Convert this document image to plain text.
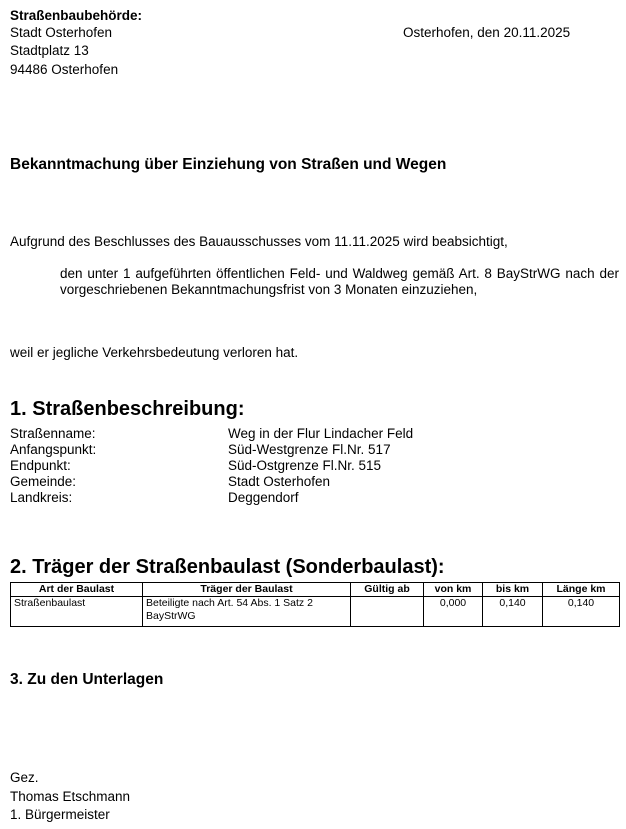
Straßenbaubehörde:
Stadt Osterhofen
Stadtplatz 13
94486 Osterhofen
Osterhofen, den 20.11.2025
Bekanntmachung über Einziehung von Straßen und Wegen
Aufgrund des Beschlusses des Bauausschusses vom 11.11.2025 wird beabsichtigt,
den unter 1 aufgeführten öffentlichen Feld- und Waldweg gemäß Art. 8 BayStrWG nach der vorgeschriebenen Bekanntmachungsfrist von 3 Monaten einzuziehen,
weil er jegliche Verkehrsbedeutung verloren hat.
1. Straßenbeschreibung:
Straßenname:	Weg in der Flur Lindacher Feld
Anfangspunkt:	Süd-Westgrenze Fl.Nr. 517
Endpunkt:	Süd-Ostgrenze Fl.Nr. 515
Gemeinde:	Stadt Osterhofen
Landkreis:	Deggendorf
2. Träger der Straßenbaulast (Sonderbaulast):
Art der Baulast	Träger der Baulast	Gültig ab	von km	bis km	Länge km
Straßenbaulast	Beteiligte nach Art. 54 Abs. 1 Satz 2 BayStrWG		0,000	0,140	0,140
3. Zu den Unterlagen
Gez.
Thomas Etschmann
1. Bürgermeister
